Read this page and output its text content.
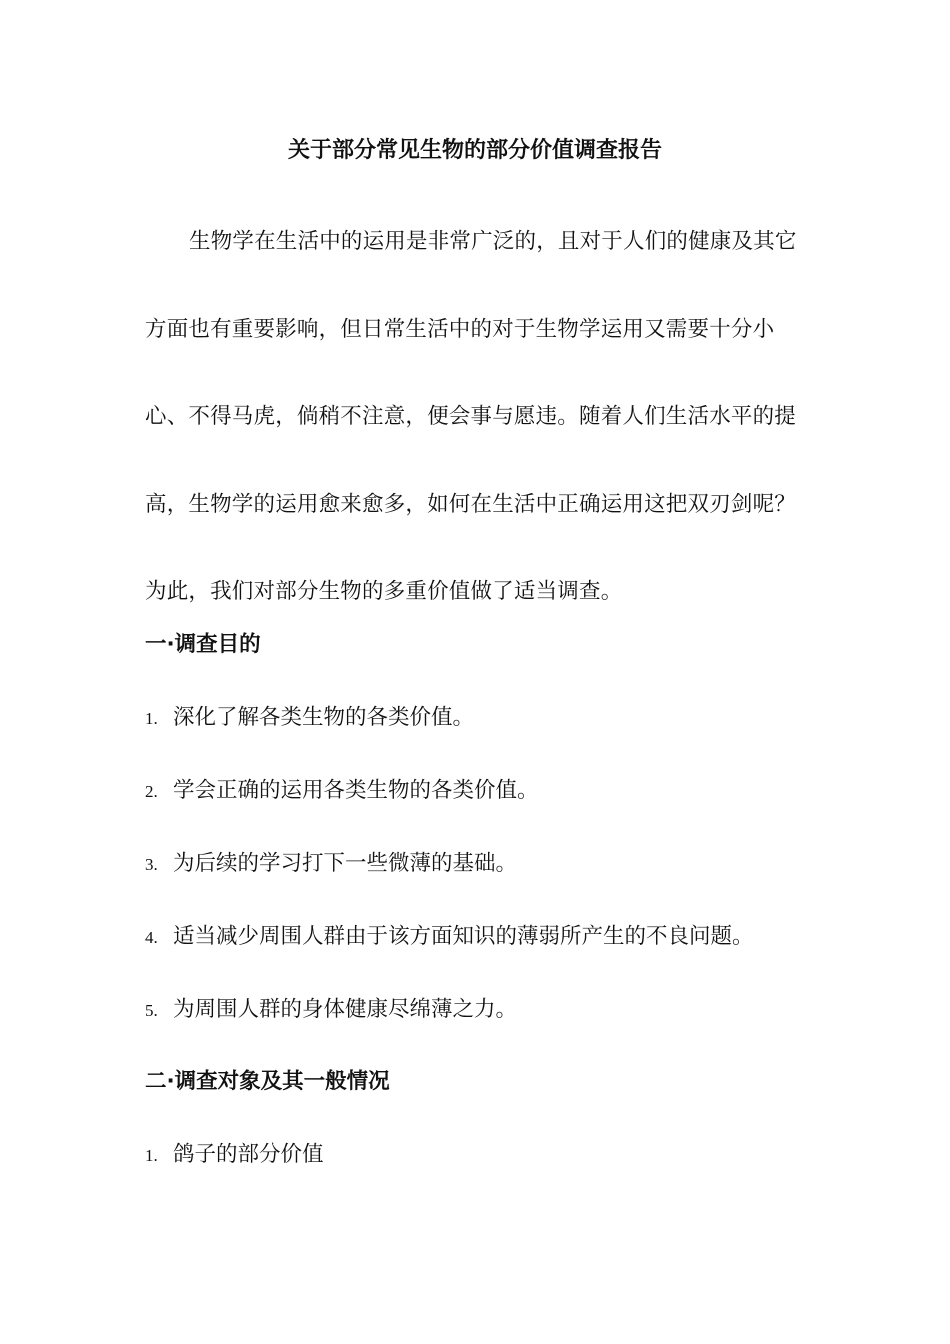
关于部分常见生物的部分价值调查报告
生物学在生活中的运用是非常广泛的，且对于人们的健康及其它方面也有重要影响，但日常生活中的对于生物学运用又需要十分小心、不得马虎，倘稍不注意，便会事与愿违。随着人们生活水平的提高，生物学的运用愈来愈多，如何在生活中正确运用这把双刃剑呢？为此，我们对部分生物的多重价值做了适当调查。
一·调查目的
1. 深化了解各类生物的各类价值。
2. 学会正确的运用各类生物的各类价值。
3. 为后续的学习打下一些微薄的基础。
4. 适当减少周围人群由于该方面知识的薄弱所产生的不良问题。
5. 为周围人群的身体健康尽绵薄之力。
二·调查对象及其一般情况
1. 鸽子的部分价值
